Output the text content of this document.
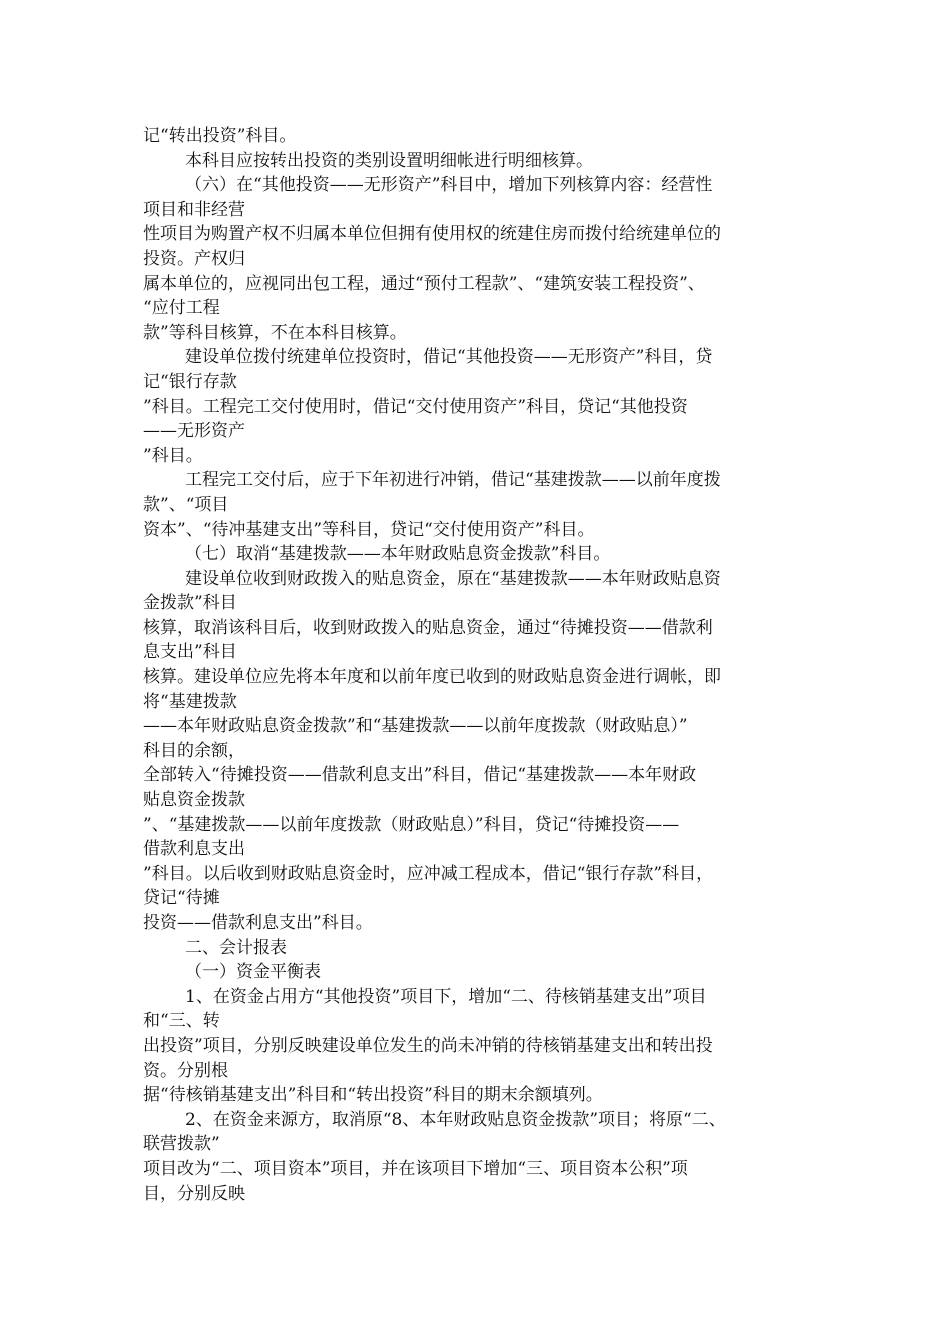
记“转出投资”科目。
本科目应按转出投资的类别设置明细帐进行明细核算。
（六）在“其他投资——无形资产”科目中，增加下列核算内容：经营性
项目和非经营
性项目为购置产权不归属本单位但拥有使用权的统建住房而拨付给统建单位的
投资。产权归
属本单位的，应视同出包工程，通过“预付工程款”、“建筑安装工程投资”、
“应付工程
款”等科目核算，不在本科目核算。
建设单位拨付统建单位投资时，借记“其他投资——无形资产”科目，贷
记“银行存款
”科目。工程完工交付使用时，借记“交付使用资产”科目，贷记“其他投资
——无形资产
”科目。
工程完工交付后，应于下年初进行冲销，借记“基建拨款——以前年度拨
款”、“项目
资本”、“待冲基建支出”等科目，贷记“交付使用资产”科目。
（七）取消“基建拨款——本年财政贴息资金拨款”科目。
建设单位收到财政拨入的贴息资金，原在“基建拨款——本年财政贴息资
金拨款”科目
核算，取消该科目后，收到财政拨入的贴息资金，通过“待摊投资——借款利
息支出”科目
核算。建设单位应先将本年度和以前年度已收到的财政贴息资金进行调帐，即
将“基建拨款
——本年财政贴息资金拨款”和“基建拨款——以前年度拨款（财政贴息）”
科目的余额，
全部转入“待摊投资——借款利息支出”科目，借记“基建拨款——本年财政
贴息资金拨款
”、“基建拨款——以前年度拨款（财政贴息）”科目，贷记“待摊投资——
借款利息支出
”科目。以后收到财政贴息资金时，应冲减工程成本，借记“银行存款”科目，
贷记“待摊
投资——借款利息支出”科目。
二、会计报表
（一）资金平衡表
1、在资金占用方“其他投资”项目下，增加“二、待核销基建支出”项目
和“三、转
出投资”项目，分别反映建设单位发生的尚未冲销的待核销基建支出和转出投
资。分别根
据“待核销基建支出”科目和“转出投资”科目的期末余额填列。
2、在资金来源方，取消原“8、本年财政贴息资金拨款”项目；将原“二、
联营拨款”
项目改为“二、项目资本”项目，并在该项目下增加“三、项目资本公积”项
目，分别反映
